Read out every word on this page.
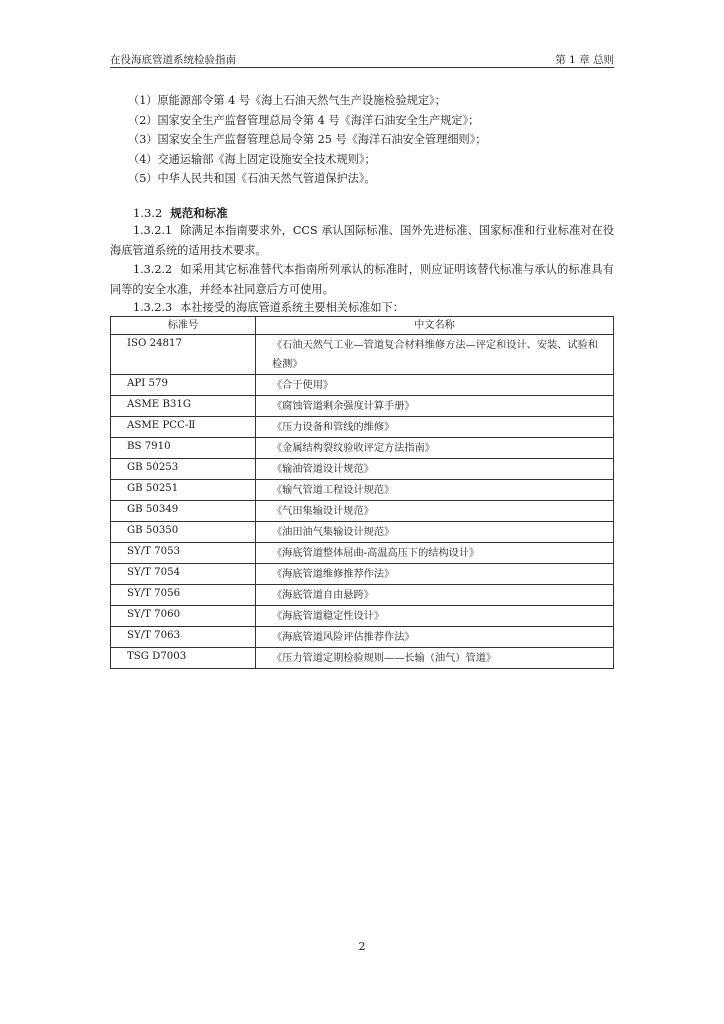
在役海底管道系统检验指南	第 1 章 总则
（1）原能源部令第 4 号《海上石油天然气生产设施检验规定》；
（2）国家安全生产监督管理总局令第 4 号《海洋石油安全生产规定》；
（3）国家安全生产监督管理总局令第 25 号《海洋石油安全管理细则》；
（4）交通运输部《海上固定设施安全技术规则》；
（5）中华人民共和国《石油天然气管道保护法》。
1.3.2 规范和标准
1.3.2.1 除满足本指南要求外，CCS 承认国际标准、国外先进标准、国家标准和行业标准对在役海底管道系统的适用技术要求。
1.3.2.2 如采用其它标准替代本指南所列承认的标准时，则应证明该替代标准与承认的标准具有同等的安全水准，并经本社同意后方可使用。
1.3.2.3 本社接受的海底管道系统主要相关标准如下：
标准号	中文名称
ISO 24817	《石油天然气工业—管道复合材料维修方法—评定和设计、安装、试验和检测》
API 579	《合于使用》
ASME B31G	《腐蚀管道剩余强度计算手册》
ASME PCC-Ⅱ	《压力设备和管线的维修》
BS 7910	《金属结构裂纹验收评定方法指南》
GB 50253	《输油管道设计规范》
GB 50251	《输气管道工程设计规范》
GB 50349	《气田集输设计规范》
GB 50350	《油田油气集输设计规范》
SY/T 7053	《海底管道整体屈曲-高温高压下的结构设计》
SY/T 7054	《海底管道维修推荐作法》
SY/T 7056	《海底管道自由悬跨》
SY/T 7060	《海底管道稳定性设计》
SY/T 7063	《海底管道风险评估推荐作法》
TSG D7003	《压力管道定期检验规则——长输（油气）管道》
2
